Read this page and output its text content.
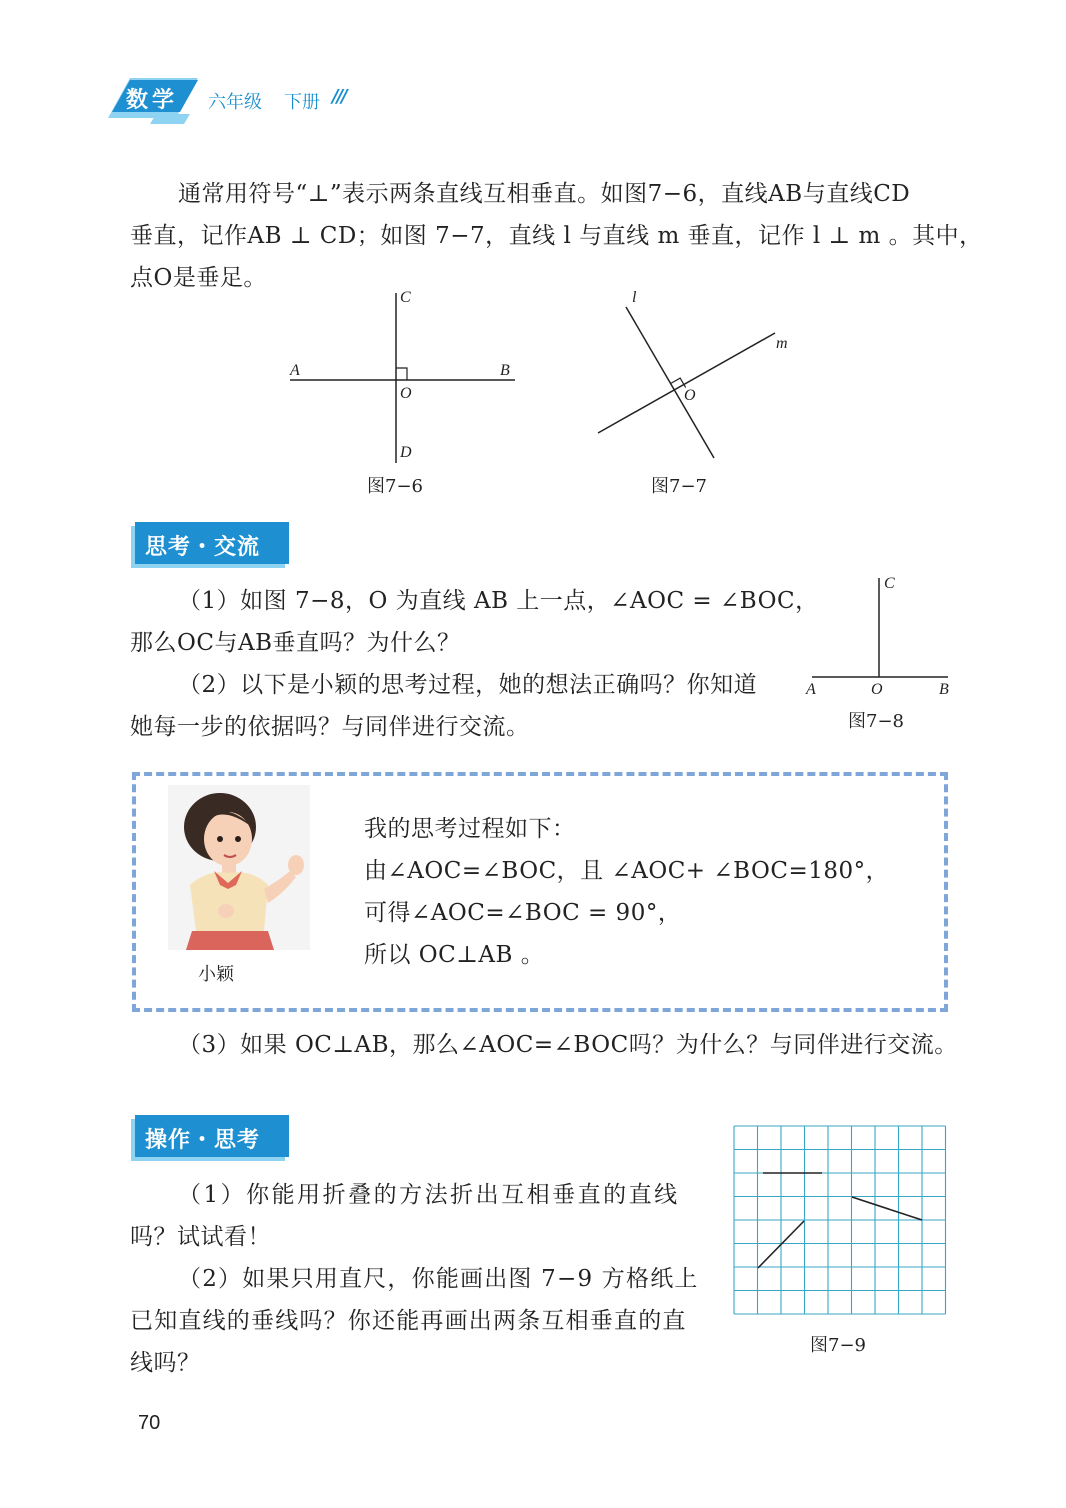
数学 六年级 下册 ///
通常用符号“⊥”表示两条直线互相垂直。如图7−6，直线AB与直线CD
垂直，记作AB ⊥ CD；如图 7−7，直线 l 与直线 m 垂直，记作 l ⊥ m 。其中，
点O是垂足。
A	B
C
D
O
图7−6
l
m
O
图7−7
思考・交流
（1）如图 7−8，O 为直线 AB 上一点，∠AOC = ∠BOC，
那么OC与AB垂直吗？为什么？
（2）以下是小颖的思考过程，她的想法正确吗？你知道
她每一步的依据吗？与同伴进行交流。
C
A	O	B
图7−8
小颖
我的思考过程如下：
由∠AOC=∠BOC，且 ∠AOC+ ∠BOC=180°，
可得∠AOC=∠BOC = 90°，
所以 OC⊥AB 。
（3）如果 OC⊥AB，那么∠AOC=∠BOC吗？为什么？与同伴进行交流。
操作・思考
（1）你能用折叠的方法折出互相垂直的直线
吗？试试看！
（2）如果只用直尺，你能画出图 7−9 方格纸上
已知直线的垂线吗？你还能再画出两条互相垂直的直
线吗？
图7−9
70
